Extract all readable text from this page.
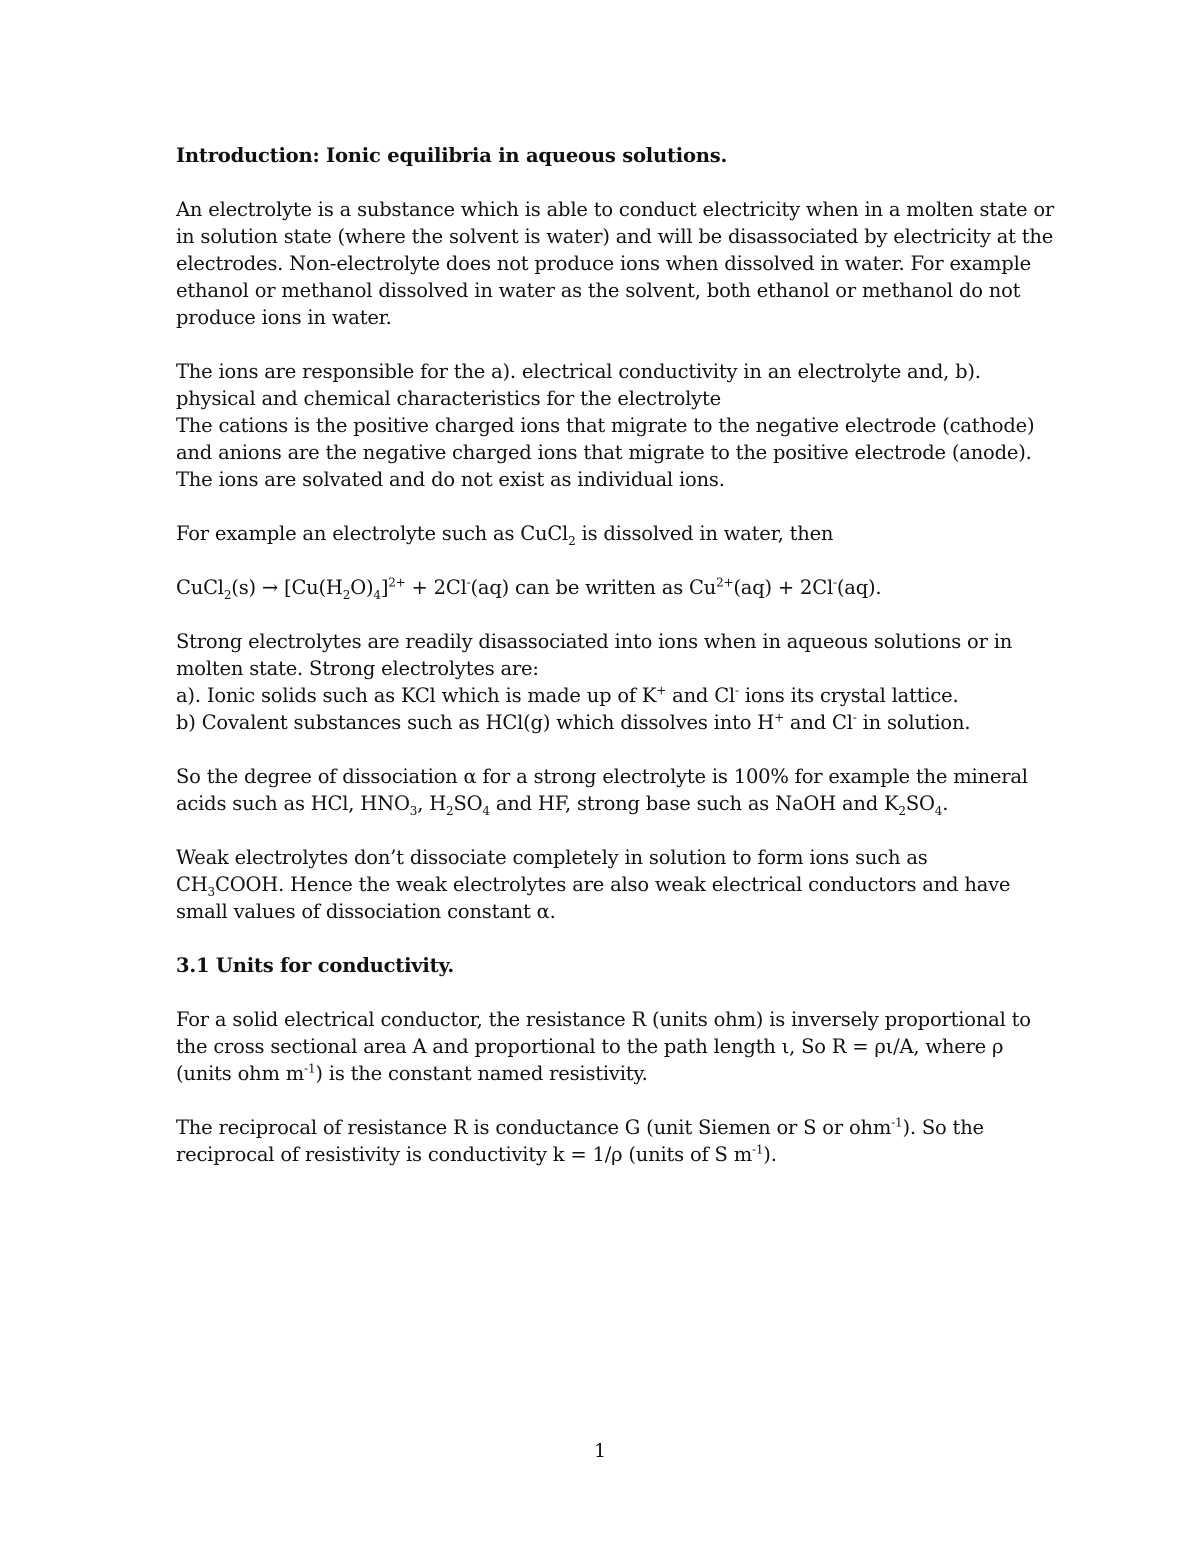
Introduction: Ionic equilibria in aqueous solutions.

An electrolyte is a substance which is able to conduct electricity when in a molten state or
in solution state (where the solvent is water) and will be disassociated by electricity at the
electrodes. Non-electrolyte does not produce ions when dissolved in water. For example
ethanol or methanol dissolved in water as the solvent, both ethanol or methanol do not
produce ions in water.

The ions are responsible for the a). electrical conductivity in an electrolyte and, b).
physical and chemical characteristics for the electrolyte

The cations is the positive charged ions that migrate to the negative electrode (cathode)
and anions are the negative charged ions that migrate to the positive electrode (anode).
The ions are solvated and do not exist as individual ions.

For example an electrolyte such as CuCl$_2$ is dissolved in water, then

CuCl$_2$(s) → $[Cu(H_2O)_4]^{2+} + 2Cl^-(aq)$ can be written as $Cu^{2+}(aq) + 2Cl^-(aq)$.

Strong electrolytes are readily disassociated into ions when in aqueous solutions or in
molten state. Strong electrolytes are:
a). Ionic solids such as KCl which is made up of K+ and Cl- ions its crystal lattice.
b) Covalent substances such as HCl(g) which dissolves into H+ and Cl- in solution.

So the degree of dissociation α for a strong electrolyte is 100% for example the mineral
acids such as HCl, $HNO_3$, $H_2SO_4$ and HF, strong base such as NaOH and $K_2SO_4$.

Weak electrolytes don’t dissociate completely in solution to form ions such as
$CH_3COOH$. Hence the weak electrolytes are also weak electrical conductors and have
small values of dissociation constant α.

3.1 Units for conductivity.

For a solid electrical conductor, the resistance R (units ohm) is inversely proportional to
the cross sectional area A and proportional to the path length ι, So R = ρι/A, where ρ
(units ohm $m^{-1}$) is the constant named resistivity.

The reciprocal of resistance R is conductance G (unit Siemen or S or ohm$^{-1}$). So the
reciprocal of resistivity is conductivity k = 1/ρ (units of S $m^{-1}$).

1
